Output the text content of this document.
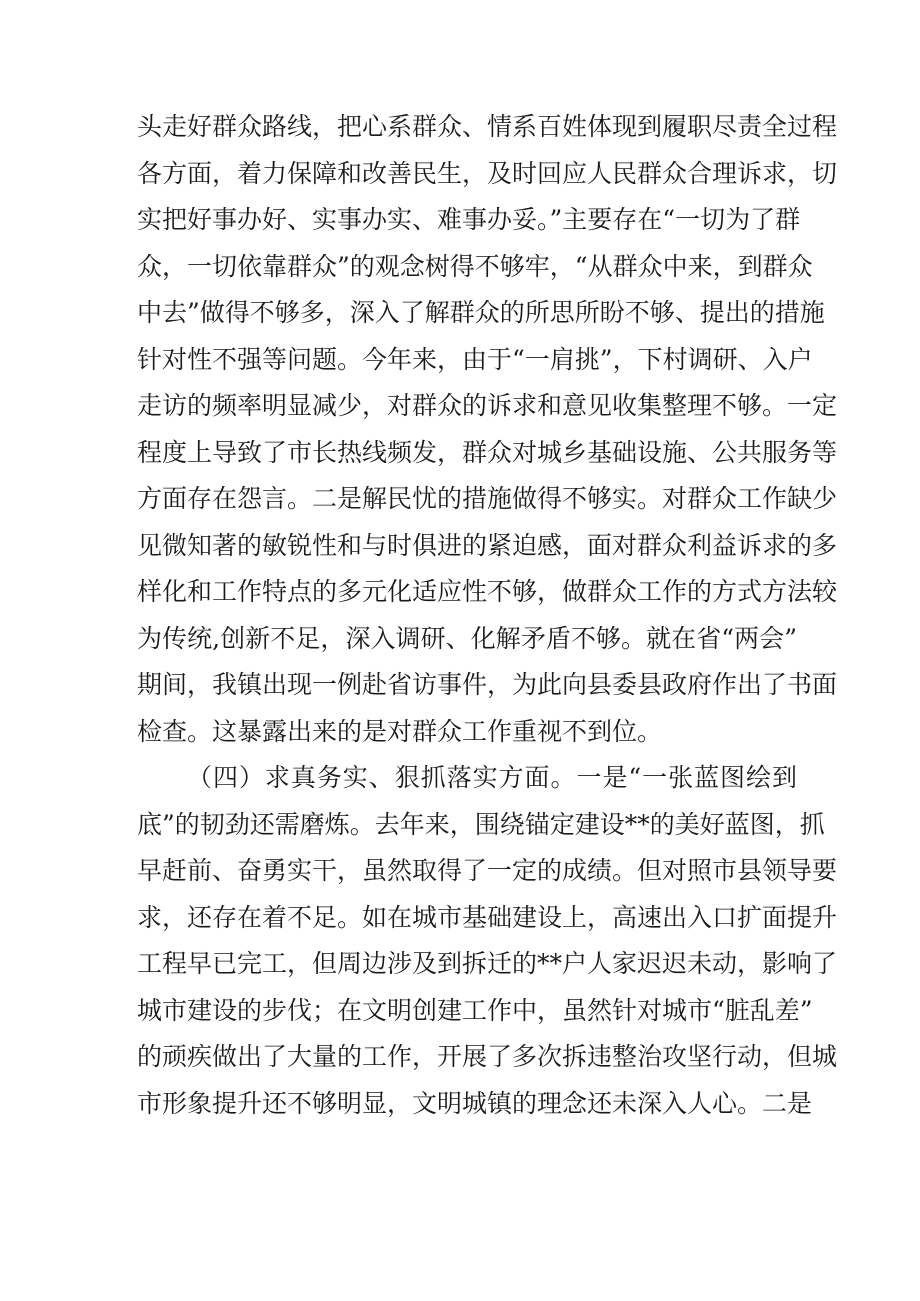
头走好群众路线，把心系群众、情系百姓体现到履职尽责全过程
各方面，着力保障和改善民生，及时回应人民群众合理诉求，切
实把好事办好、实事办实、难事办妥。”主要存在“一切为了群
众，一切依靠群众”的观念树得不够牢，“从群众中来，到群众
中去”做得不够多，深入了解群众的所思所盼不够、提出的措施
针对性不强等问题。今年来，由于“一肩挑”，下村调研、入户
走访的频率明显减少，对群众的诉求和意见收集整理不够。一定
程度上导致了市长热线频发，群众对城乡基础设施、公共服务等
方面存在怨言。二是解民忧的措施做得不够实。对群众工作缺少
见微知著的敏锐性和与时俱进的紧迫感，面对群众利益诉求的多
样化和工作特点的多元化适应性不够，做群众工作的方式方法较
为传统,创新不足，深入调研、化解矛盾不够。就在省“两会”
期间，我镇出现一例赴省访事件，为此向县委县政府作出了书面
检查。这暴露出来的是对群众工作重视不到位。
（四）求真务实、狠抓落实方面。一是“一张蓝图绘到
底”的韧劲还需磨炼。去年来，围绕锚定建设**的美好蓝图，抓
早赶前、奋勇实干，虽然取得了一定的成绩。但对照市县领导要
求，还存在着不足。如在城市基础建设上，高速出入口扩面提升
工程早已完工，但周边涉及到拆迁的**户人家迟迟未动，影响了
城市建设的步伐；在文明创建工作中，虽然针对城市“脏乱差”
的顽疾做出了大量的工作，开展了多次拆违整治攻坚行动，但城
市形象提升还不够明显，文明城镇的理念还未深入人心。二是
